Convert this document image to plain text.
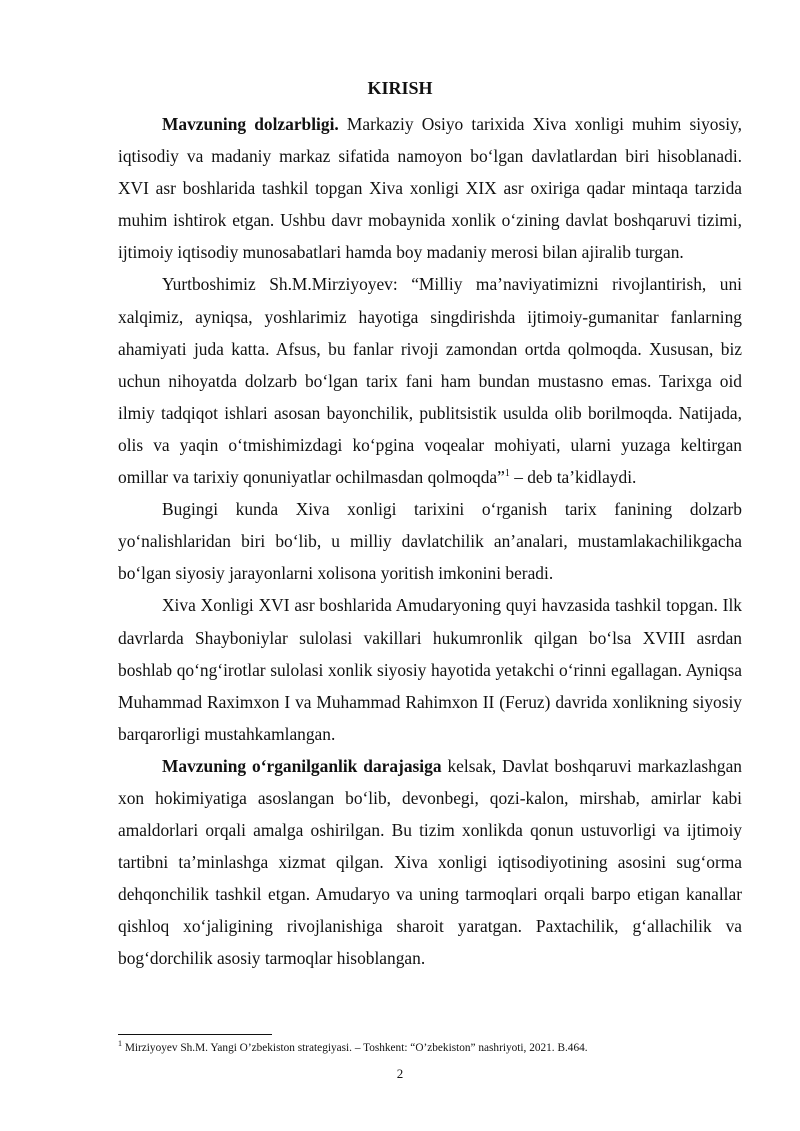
KIRISH

Mavzuning dolzarbligi. Markaziy Osiyo tarixida Xiva xonligi muhim siyosiy, iqtisodiy va madaniy markaz sifatida namoyon bo‘lgan davlatlardan biri hisoblanadi. XVI asr boshlarida tashkil topgan Xiva xonligi XIX asr oxiriga qadar mintaqa tarzida muhim ishtirok etgan. Ushbu davr mobaynida xonlik o‘zining davlat boshqaruvi tizimi, ijtimoiy iqtisodiy munosabatlari hamda boy madaniy merosi bilan ajiralib turgan.

Yurtboshimiz Sh.M.Mirziyoyev: “Milliy ma’naviyatimizni rivojlantirish, uni xalqimiz, ayniqsa, yoshlarimiz hayotiga singdirishda ijtimoiy-gumanitar fanlarning ahamiyati juda katta. Afsus, bu fanlar rivoji zamondan ortda qolmoqda. Xususan, biz uchun nihoyatda dolzarb bo‘lgan tarix fani ham bundan mustasno emas. Tarixga oid ilmiy tadqiqot ishlari asosan bayonchilik, publitsistik usulda olib borilmoqda. Natijada, olis va yaqin o‘tmishimizdagi ko‘pgina voqealar mohiyati, ularni yuzaga keltirgan omillar va tarixiy qonuniyatlar ochilmasdan qolmoqda”$^1$ – deb ta’kidlaydi.

Bugingi kunda Xiva xonligi tarixini o‘rganish tarix fanining dolzarb yo‘nalishlaridan biri bo‘lib, u milliy davlatchilik an’analari, mustamlakachilikgacha bo‘lgan siyosiy jarayonlarni xolisona yoritish imkonini beradi.

Xiva Xonligi XVI asr boshlarida Amudaryoning quyi havzasida tashkil topgan. Ilk davrlarda Shayboniylar sulolasi vakillari hukumronlik qilgan bo‘lsa XVIII asrdan boshlab qo‘ng‘irotlar sulolasi xonlik siyosiy hayotida yetakchi o‘rinni egallagan. Ayniqsa Muhammad Raximxon I va Muhammad Rahimxon II (Feruz) davrida xonlikning siyosiy barqarorligi mustahkamlangan.

Mavzuning o‘rganilganlik darajasiga kelsak, Davlat boshqaruvi markazlashgan xon hokimiyatiga asoslangan bo‘lib, devonbegi, qozi-kalon, mirshab, amirlar kabi amaldorlari orqali amalga oshirilgan. Bu tizim xonlikda qonun ustuvorligi va ijtimoiy tartibni ta’minlashga xizmat qilgan. Xiva xonligi iqtisodiyotining asosini sug‘orma dehqonchilik tashkil etgan. Amudaryo va uning tarmoqlari orqali barpo etigan kanallar qishloq xo‘jaligining rivojlanishiga sharoit yaratgan. Paxtachilik, g‘allachilik va bog‘dorchilik asosiy tarmoqlar hisoblangan.

$^1$ Mirziyoyev Sh.M. Yangi O’zbekiston strategiyasi. – Toshkent: “O’zbekiston” nashriyoti, 2021. B.464.
2
